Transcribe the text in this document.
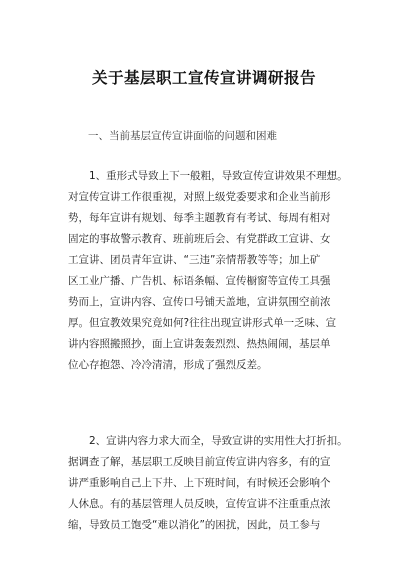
关于基层职工宣传宣讲调研报告

一、当前基层宣传宣讲面临的问题和困难

1、重形式导致上下一般粗，导致宣传宣讲效果不理想。
对宣传宣讲工作很重视，对照上级党委要求和企业当前形
势，每年宣讲有规划、每季主题教育有考试、每周有相对
固定的事故警示教育、班前班后会、有党群政工宣讲、女
工宣讲、团员青年宣讲、“三违”亲情帮教等等；加上矿
区工业广播、广告机、标语条幅、宣传橱窗等宣传工具强
势而上，宣讲内容、宣传口号铺天盖地，宣讲氛围空前浓
厚。但宣教效果究竟如何?往往出现宣讲形式单一乏味、宣
讲内容照搬照抄，面上宣讲轰轰烈烈、热热闹闹，基层单
位心存抱怨、冷冷清清，形成了强烈反差。
2、宣讲内容力求大而全，导致宣讲的实用性大打折扣。
据调查了解，基层职工反映目前宣传宣讲内容多，有的宣
讲严重影响自己上下井、上下班时间，有时候还会影响个
人休息。有的基层管理人员反映，宣传宣讲不注重重点浓
缩，导致员工饱受“难以消化”的困扰，因此，员工参与
